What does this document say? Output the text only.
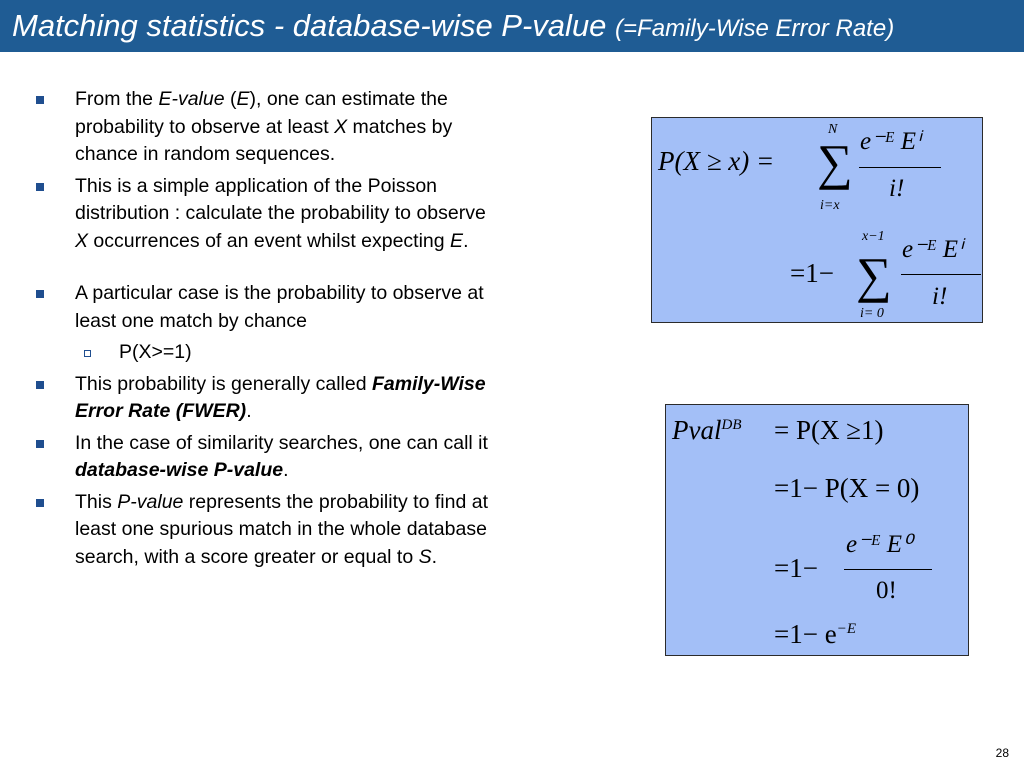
Matching statistics - database-wise P-value (=Family-Wise Error Rate)
From the E-value (E), one can estimate the probability to observe at least X matches by chance in random sequences.
This is a simple application of the Poisson distribution : calculate the probability to observe X occurrences of an event whilst expecting E.
A particular case is the probability to observe at least one match by chance
P(X>=1)
This probability is generally called Family-Wise Error Rate (FWER).
In the case of similarity searches, one can call it database-wise P-value.
This P-value represents the probability to find at least one spurious match in the whole database search, with a score greater or equal to S.
P(X ≥ x) =
N
∑
i=x
e⁻ᴱ Eⁱ
i!
=1−
x−1
∑
i= 0
e⁻ᴱ Eⁱ
i!
Pval$^{DB}$ = P(X ≥1)
=1− P(X = 0)
=1−
e⁻ᴱ E⁰
0!
$=1- e^{-E}$
28
